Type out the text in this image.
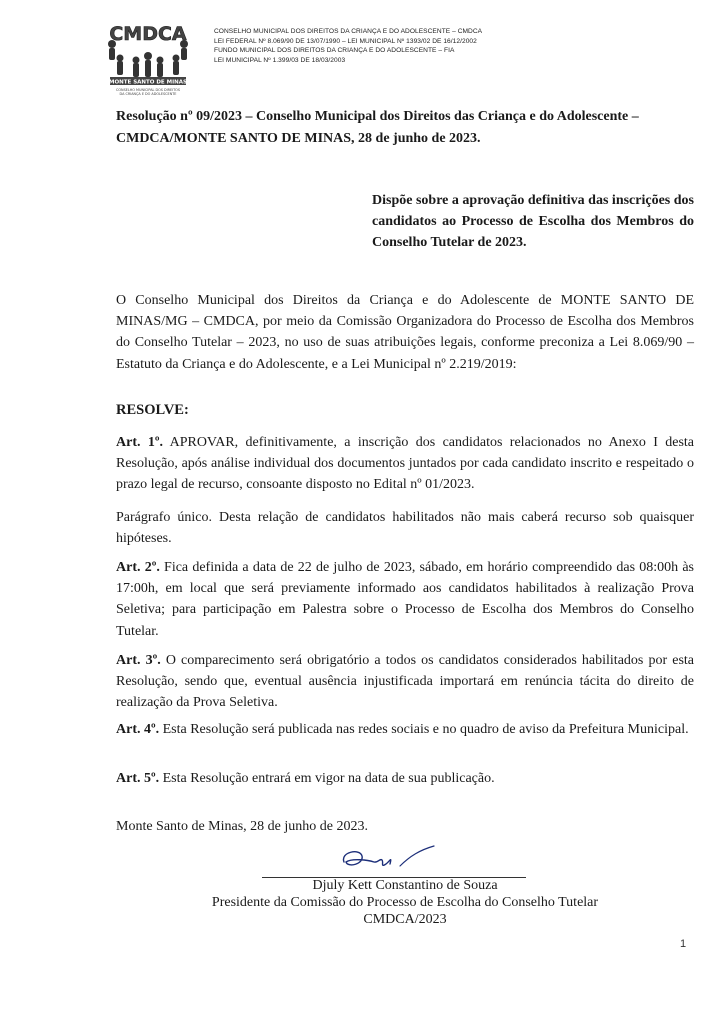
CMDCA
MONTE SANTO DE MINAS
CONSELHO MUNICIPAL DOS DIREITOS
DA CRIANÇA E DO ADOLESCENTE
CONSELHO MUNICIPAL DOS DIREITOS DA CRIANÇA E DO ADOLESCENTE – CMDCA
LEI FEDERAL Nº 8.069/90 DE 13/07/1990 – LEI MUNICIPAL Nº 1393/02 DE 16/12/2002
FUNDO MUNICIPAL DOS DIREITOS DA CRIANÇA E DO ADOLESCENTE – FIA
LEI MUNICIPAL Nº 1.399/03 DE 18/03/2003
Resolução nº 09/2023 – Conselho Municipal dos Direitos das Criança e do Adolescente –
CMDCA/MONTE SANTO DE MINAS, 28 de junho de 2023.
Dispõe sobre a aprovação definitiva das inscrições dos candidatos ao Processo de Escolha dos Membros do Conselho Tutelar de 2023.
O Conselho Municipal dos Direitos da Criança e do Adolescente de MONTE SANTO DE MINAS/MG – CMDCA, por meio da Comissão Organizadora do Processo de Escolha dos Membros do Conselho Tutelar – 2023, no uso de suas atribuições legais, conforme preconiza a Lei 8.069/90 – Estatuto da Criança e do Adolescente, e a Lei Municipal nº 2.219/2019:
RESOLVE:
Art. 1º. APROVAR, definitivamente, a inscrição dos candidatos relacionados no Anexo I desta Resolução, após análise individual dos documentos juntados por cada candidato inscrito e respeitado o prazo legal de recurso, consoante disposto no Edital nº 01/2023.
Parágrafo único. Desta relação de candidatos habilitados não mais caberá recurso sob quaisquer hipóteses.
Art. 2º. Fica definida a data de 22 de julho de 2023, sábado, em horário compreendido das 08:00h às 17:00h, em local que será previamente informado aos candidatos habilitados à realização Prova Seletiva; para participação em Palestra sobre o Processo de Escolha dos Membros do Conselho Tutelar.
Art. 3º. O comparecimento será obrigatório a todos os candidatos considerados habilitados por esta Resolução, sendo que, eventual ausência injustificada importará em renúncia tácita do direito de realização da Prova Seletiva.
Art. 4º. Esta Resolução será publicada nas redes sociais e no quadro de aviso da Prefeitura Municipal.
Art. 5º. Esta Resolução entrará em vigor na data de sua publicação.
Monte Santo de Minas, 28 de junho de 2023.
Djuly Kett Constantino de Souza
Presidente da Comissão do Processo de Escolha do Conselho Tutelar
CMDCA/2023
1
